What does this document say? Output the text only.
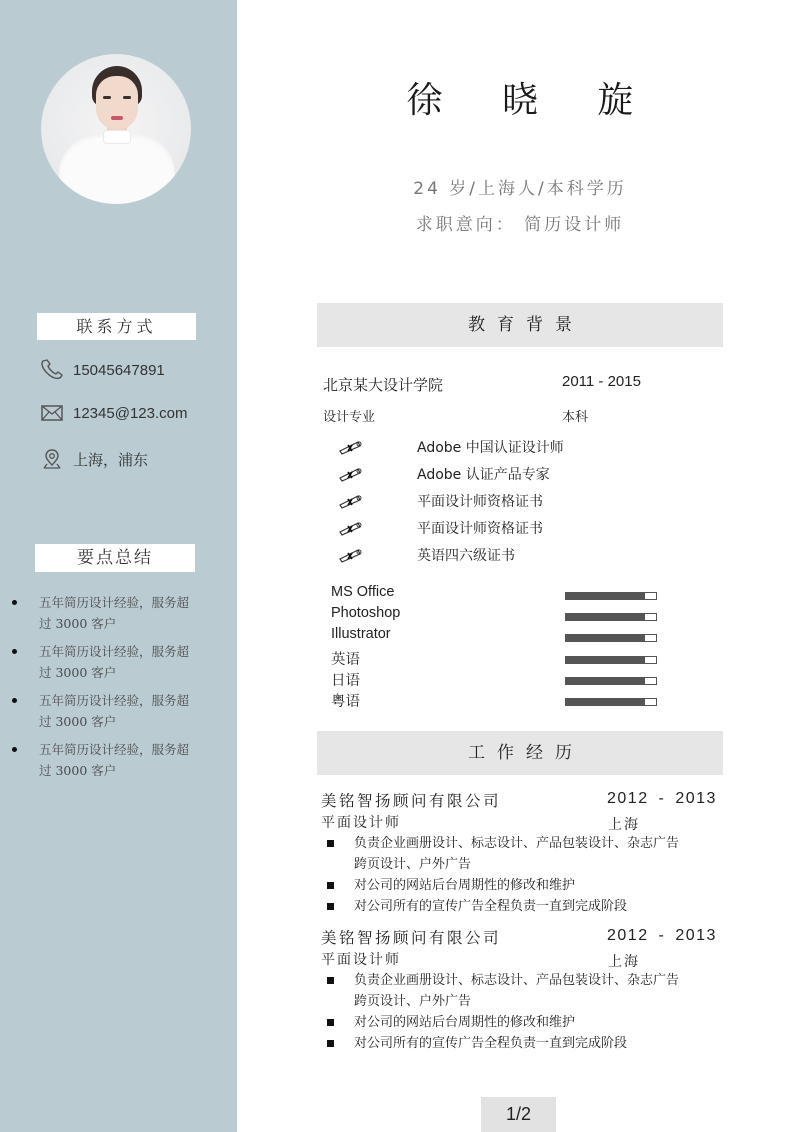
联系方式
15045647891
12345@123.com
上海，浦东
要点总结
五年简历设计经验，服务超
过 3000 客户
五年简历设计经验，服务超
过 3000 客户
五年简历设计经验，服务超
过 3000 客户
五年简历设计经验，服务超
过 3000 客户
徐 晓 旋
24 岁/上海人/本科学历
求职意向： 简历设计师
教育背景
北京某大设计学院	2011 - 2015
设计专业	本科
Adobe 中国认证设计师
Adobe 认证产品专家
平面设计师资格证书
平面设计师资格证书
英语四六级证书
MS Office
Photoshop
Illustrator
英语
日语
粤语
工作经历
美铭智扬顾问有限公司	2012 - 2013
平面设计师	上海
负责企业画册设计、标志设计、产品包装设计、杂志广告
跨页设计、户外广告
对公司的网站后台周期性的修改和维护
对公司所有的宣传广告全程负责一直到完成阶段
美铭智扬顾问有限公司	2012 - 2013
平面设计师	上海
负责企业画册设计、标志设计、产品包装设计、杂志广告
跨页设计、户外广告
对公司的网站后台周期性的修改和维护
对公司所有的宣传广告全程负责一直到完成阶段
1/2
